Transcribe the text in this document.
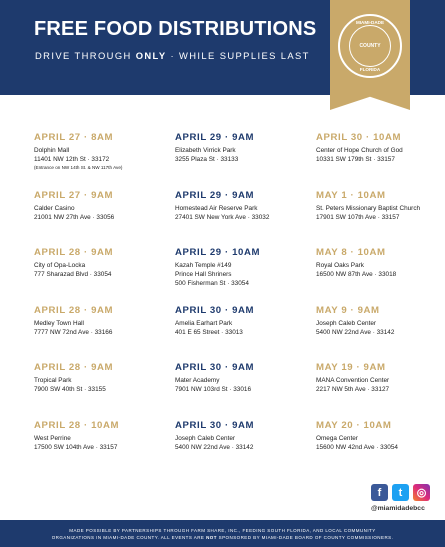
FREE FOOD DISTRIBUTIONS
DRIVE THROUGH ONLY · WHILE SUPPLIES LAST
MIAMI-DADE
COUNTY
FLORIDA
APRIL 27 · 8AM
Dolphin Mall
11401 NW 12th St · 33172
(Entrance on NW 14th St. & NW 117th Ave)
APRIL 29 · 9AM
Elizabeth Virrick Park
3255 Plaza St · 33133
APRIL 30 · 10AM
Center of Hope Church of God
10331 SW 179th St · 33157
APRIL 27 · 9AM
Calder Casino
21001 NW 27th Ave · 33056
APRIL 29 · 9AM
Homestead Air Reserve Park
27401 SW New York Ave · 33032
MAY 1 · 10AM
St. Peters Missionary Baptist Church
17901 SW 107th Ave · 33157
APRIL 28 · 9AM
City of Opa-Locka
777 Sharazad Blvd · 33054
APRIL 29 · 10AM
Kazah Temple #149
Prince Hall Shriners
500 Fisherman St · 33054
MAY 8 · 10AM
Royal Oaks Park
16500 NW 87th Ave · 33018
APRIL 28 · 9AM
Medley Town Hall
7777 NW 72nd Ave · 33166
APRIL 30 · 9AM
Amelia Earhart Park
401 E 65 Street · 33013
MAY 9 · 9AM
Joseph Caleb Center
5400 NW 22nd Ave · 33142
APRIL 28 · 9AM
Tropical Park
7900 SW 40th St · 33155
APRIL 30 · 9AM
Mater Academy
7901 NW 103rd St · 33016
MAY 19 · 9AM
MANA Convention Center
2217 NW 5th Ave · 33127
APRIL 28 · 10AM
West Perrine
17500 SW 104th Ave · 33157
APRIL 30 · 9AM
Joseph Caleb Center
5400 NW 22nd Ave · 33142
MAY 20 · 10AM
Omega Center
15600 NW 42nd Ave · 33054
f	t	◎
@miamidadebcc
MADE POSSIBLE BY PARTNERSHIPS THROUGH FARM SHARE, INC., FEEDING SOUTH FLORIDA, AND LOCAL COMMUNITY
ORGANIZATIONS IN MIAMI-DADE COUNTY. ALL EVENTS ARE NOT SPONSORED BY MIAMI-DADE BOARD OF COUNTY COMMISSIONERS.
